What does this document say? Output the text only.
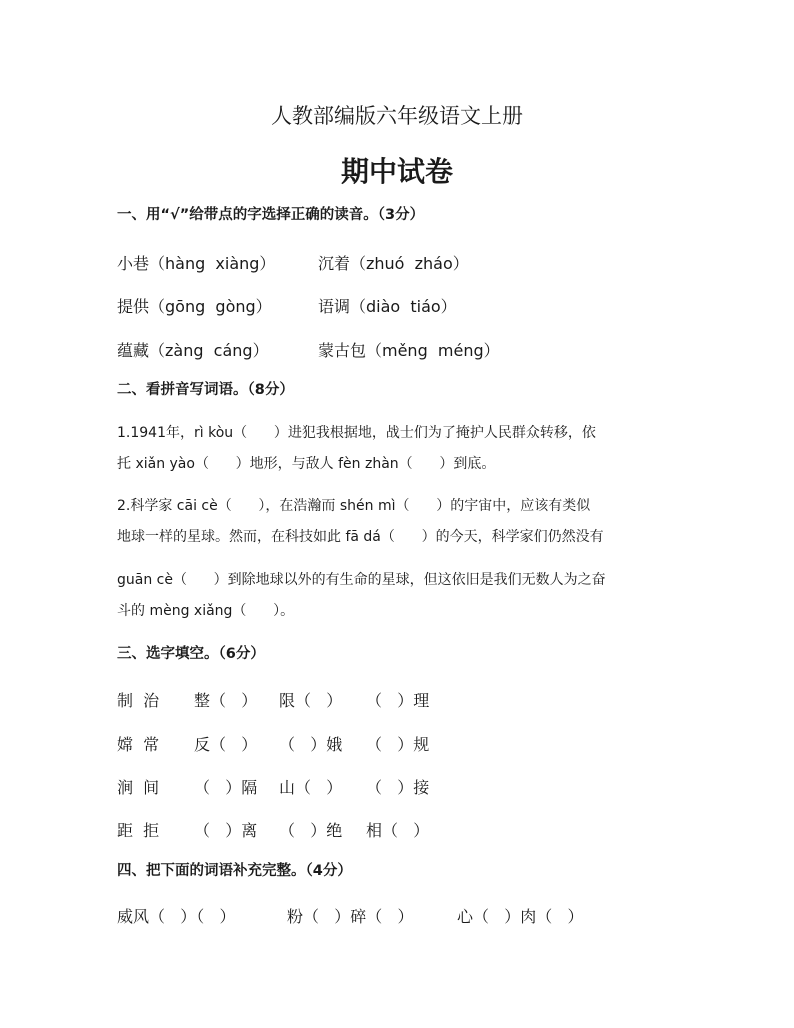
人教部编版六年级语文上册
期中试卷
一、用“√”给带点的字选择正确的读音。（3分）
小巷（hàng  xiàng）	沉着（zhuó  zháo）
提供（gōng  gòng）	语调（diào  tiáo）
蕴藏（zàng  cáng）	蒙古包（měng  méng）
二、看拼音写词语。（8分）
1.1941年，rì kòu（      ）进犯我根据地，战士们为了掩护人民群众转移，依
托 xiǎn yào（      ）地形，与敌人 fèn zhàn（      ）到底。
2.科学家 cāi cè（      ），在浩瀚而 shén mì（      ）的宇宙中，应该有类似
地球一样的星球。然而，在科技如此 fā dá（      ）的今天，科学家们仍然没有
guān cè（      ）到除地球以外的有生命的星球，但这依旧是我们无数人为之奋
斗的 mèng xiǎng（      ）。
三、选字填空。（6分）
制  治 整（   ） 限（   ） （   ）理
嫦  常 反（   ） （   ）娥 （   ）规
涧  间 （   ）隔 山（   ） （   ）接
距  拒 （   ）离 （   ）绝 相（   ）
四、把下面的词语补充完整。（4分）
威风（   ）（   ）	粉（   ）碎（   ）	心（   ）肉（   ）
